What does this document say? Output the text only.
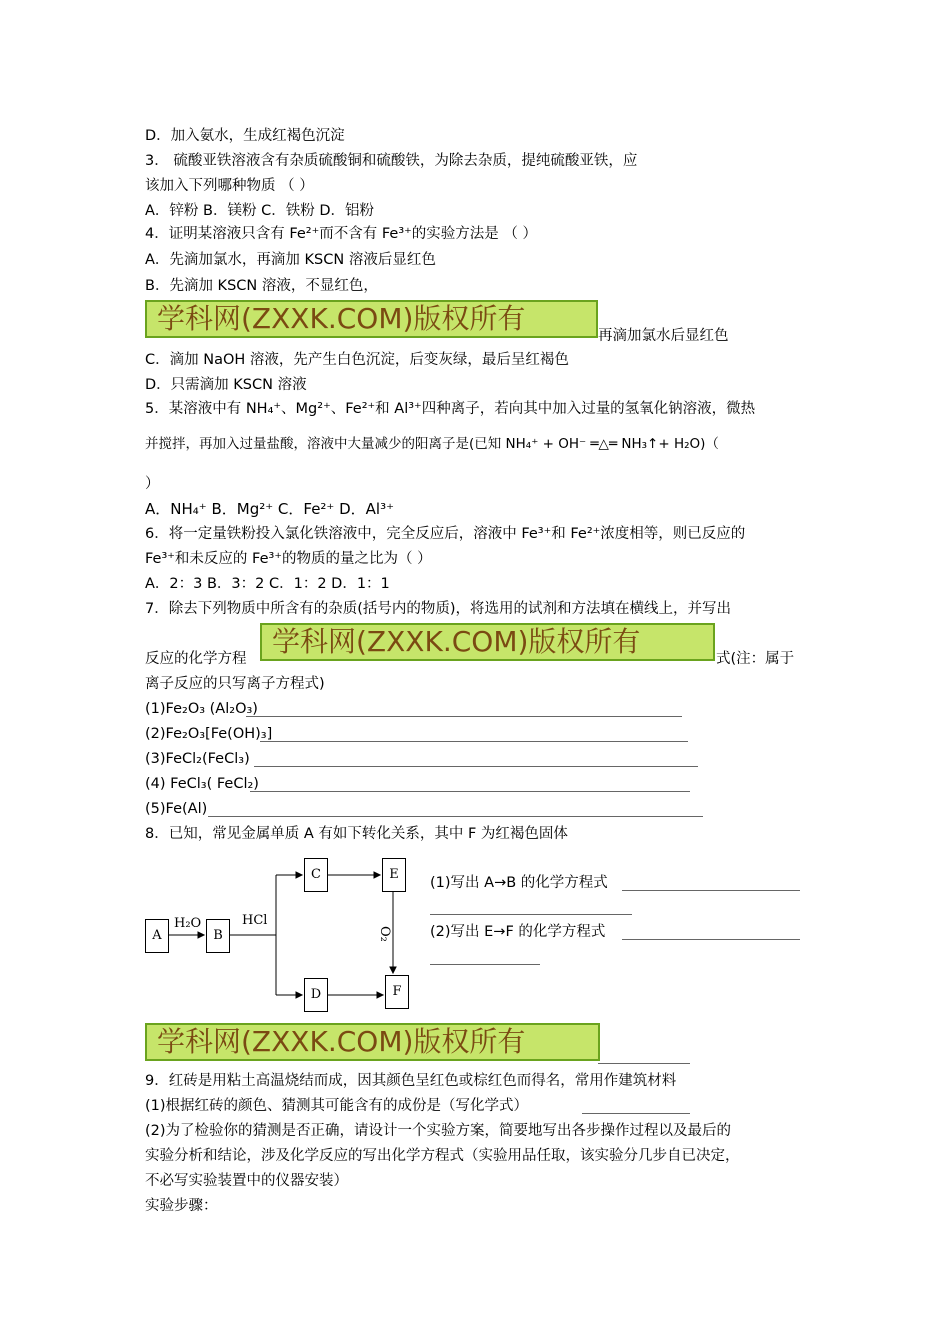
D．加入氨水，生成红褐色沉淀
3． 硫酸亚铁溶液含有杂质硫酸铜和硫酸铁，为除去杂质，提纯硫酸亚铁，应
该加入下列哪种物质 （ ）
A．锌粉 B．镁粉 C．铁粉 D．铝粉
4．证明某溶液只含有 Fe²⁺而不含有 Fe³⁺的实验方法是 （ ）
A．先滴加氯水，再滴加 KSCN 溶液后显红色
B．先滴加 KSCN 溶液，不显红色，
学科网(ZXXK.COM)版权所有
再滴加氯水后显红色
C．滴加 NaOH 溶液，先产生白色沉淀，后变灰绿，最后呈红褐色
D．只需滴加 KSCN 溶液
5．某溶液中有 NH₄⁺、Mg²⁺、Fe²⁺和 Al³⁺四种离子，若向其中加入过量的氢氧化钠溶液，微热
并搅拌，再加入过量盐酸，溶液中大量减少的阳离子是(已知 NH₄⁺ + OH⁻ ═△═ NH₃↑+ H₂O)（
）
A．NH₄⁺ B．Mg²⁺ C．Fe²⁺ D．Al³⁺
6．将一定量铁粉投入氯化铁溶液中，完全反应后，溶液中 Fe³⁺和 Fe²⁺浓度相等，则已反应的
Fe³⁺和未反应的 Fe³⁺的物质的量之比为（ ）
A．2：3 B．3：2 C．1：2 D．1：1
7．除去下列物质中所含有的杂质(括号内的物质)，将选用的试剂和方法填在横线上，并写出
反应的化学方程
学科网(ZXXK.COM)版权所有
式(注：属于
离子反应的只写离子方程式)
(1)Fe₂O₃ (Al₂O₃)
(2)Fe₂O₃[Fe(OH)₃]
(3)FeCl₂(FeCl₃)
(4) FeCl₃( FeCl₂)
(5)Fe(Al)
8．已知，常见金属单质 A 有如下转化关系，其中 F 为红褐色固体
A	B
C
D
E
F
H₂O	HCl
O₂
(1)写出 A→B 的化学方程式
(2)写出 E→F 的化学方程式
学科网(ZXXK.COM)版权所有
9．红砖是用粘土高温烧结而成，因其颜色呈红色或棕红色而得名，常用作建筑材料
(1)根据红砖的颜色、猜测其可能含有的成份是（写化学式）
(2)为了检验你的猜测是否正确，请设计一个实验方案，简要地写出各步操作过程以及最后的
实验分析和结论，涉及化学反应的写出化学方程式（实验用品任取，该实验分几步自已决定，
不必写实验装置中的仪器安装）
实验步骤：
